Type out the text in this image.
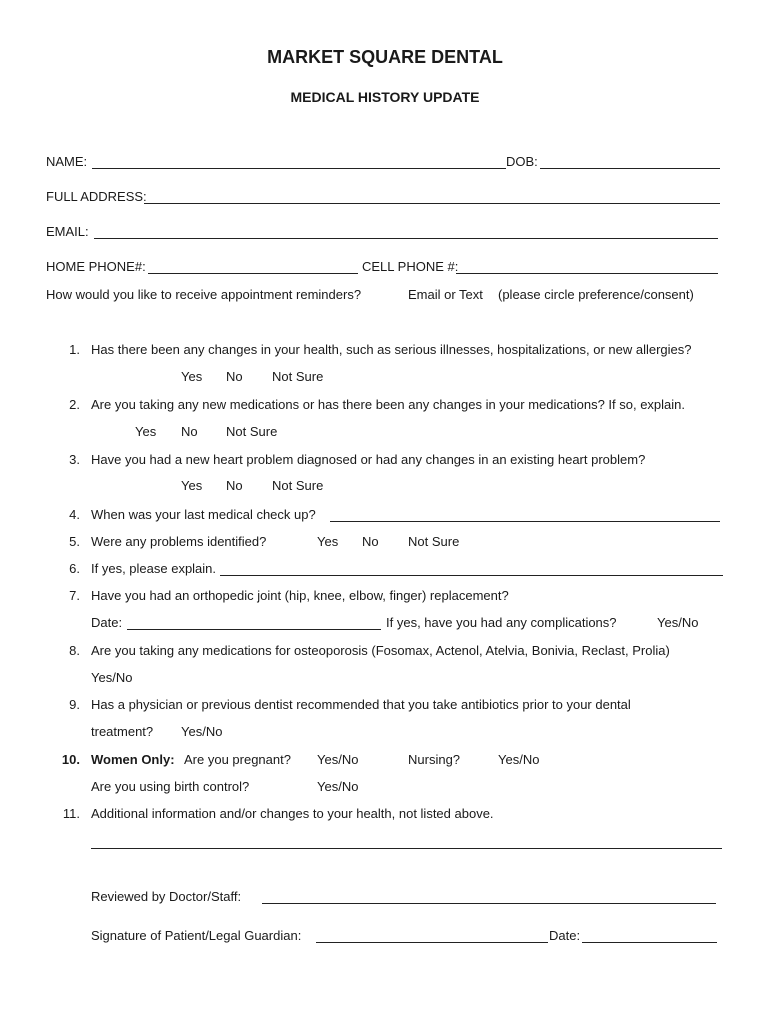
MARKET SQUARE DENTAL
MEDICAL HISTORY UPDATE
NAME:	DOB:
FULL ADDRESS:
EMAIL:
HOME PHONE#:	CELL PHONE #:
How would you like to receive appointment reminders?	Email or Text (please circle preference/consent)
1. Has there been any changes in your health, such as serious illnesses, hospitalizations, or new allergies?
Yes No Not Sure
2. Are you taking any new medications or has there been any changes in your medications? If so, explain.
Yes No Not Sure
3. Have you had a new heart problem diagnosed or had any changes in an existing heart problem?
Yes No Not Sure
4. When was your last medical check up?
5. Were any problems identified?	Yes No Not Sure
6. If yes, please explain.
7. Have you had an orthopedic joint (hip, knee, elbow, finger) replacement?
Date:	If yes, have you had any complications?	Yes/No
8. Are you taking any medications for osteoporosis (Fosomax, Actenol, Atelvia, Bonivia, Reclast, Prolia)
Yes/No
9. Has a physician or previous dentist recommended that you take antibiotics prior to your dental
treatment? Yes/No
10. Women Only: Are you pregnant? Yes/No	Nursing?	Yes/No
Are you using birth control?	Yes/No
11. Additional information and/or changes to your health, not listed above.
Reviewed by Doctor/Staff:
Signature of Patient/Legal Guardian:	Date:
